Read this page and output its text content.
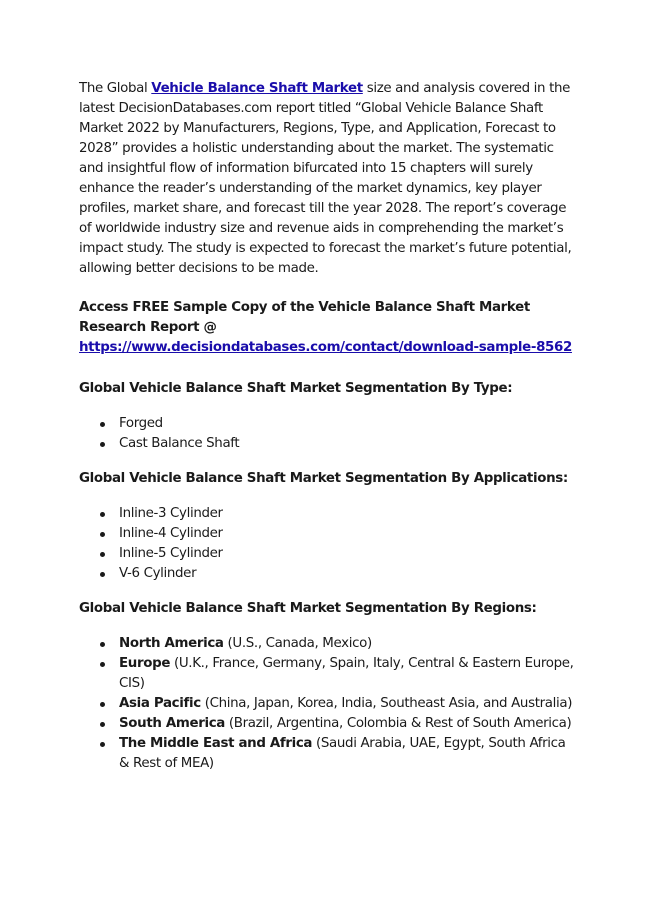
The Global Vehicle Balance Shaft Market size and analysis covered in the latest DecisionDatabases.com report titled “Global Vehicle Balance Shaft Market 2022 by Manufacturers, Regions, Type, and Application, Forecast to 2028” provides a holistic understanding about the market. The systematic and insightful flow of information bifurcated into 15 chapters will surely enhance the reader’s understanding of the market dynamics, key player profiles, market share, and forecast till the year 2028. The report’s coverage of worldwide industry size and revenue aids in comprehending the market’s impact study. The study is expected to forecast the market’s future potential, allowing better decisions to be made.

Access FREE Sample Copy of the Vehicle Balance Shaft Market Research Report @ https://www.decisiondatabases.com/contact/download-sample-8562

Global Vehicle Balance Shaft Market Segmentation By Type:
Forged
Cast Balance Shaft
Global Vehicle Balance Shaft Market Segmentation By Applications:
Inline-3 Cylinder
Inline-4 Cylinder
Inline-5 Cylinder
V-6 Cylinder
Global Vehicle Balance Shaft Market Segmentation By Regions:
North America (U.S., Canada, Mexico)
Europe (U.K., France, Germany, Spain, Italy, Central & Eastern Europe, CIS)
Asia Pacific (China, Japan, Korea, India, Southeast Asia, and Australia)
South America (Brazil, Argentina, Colombia & Rest of South America)
The Middle East and Africa (Saudi Arabia, UAE, Egypt, South Africa & Rest of MEA)
